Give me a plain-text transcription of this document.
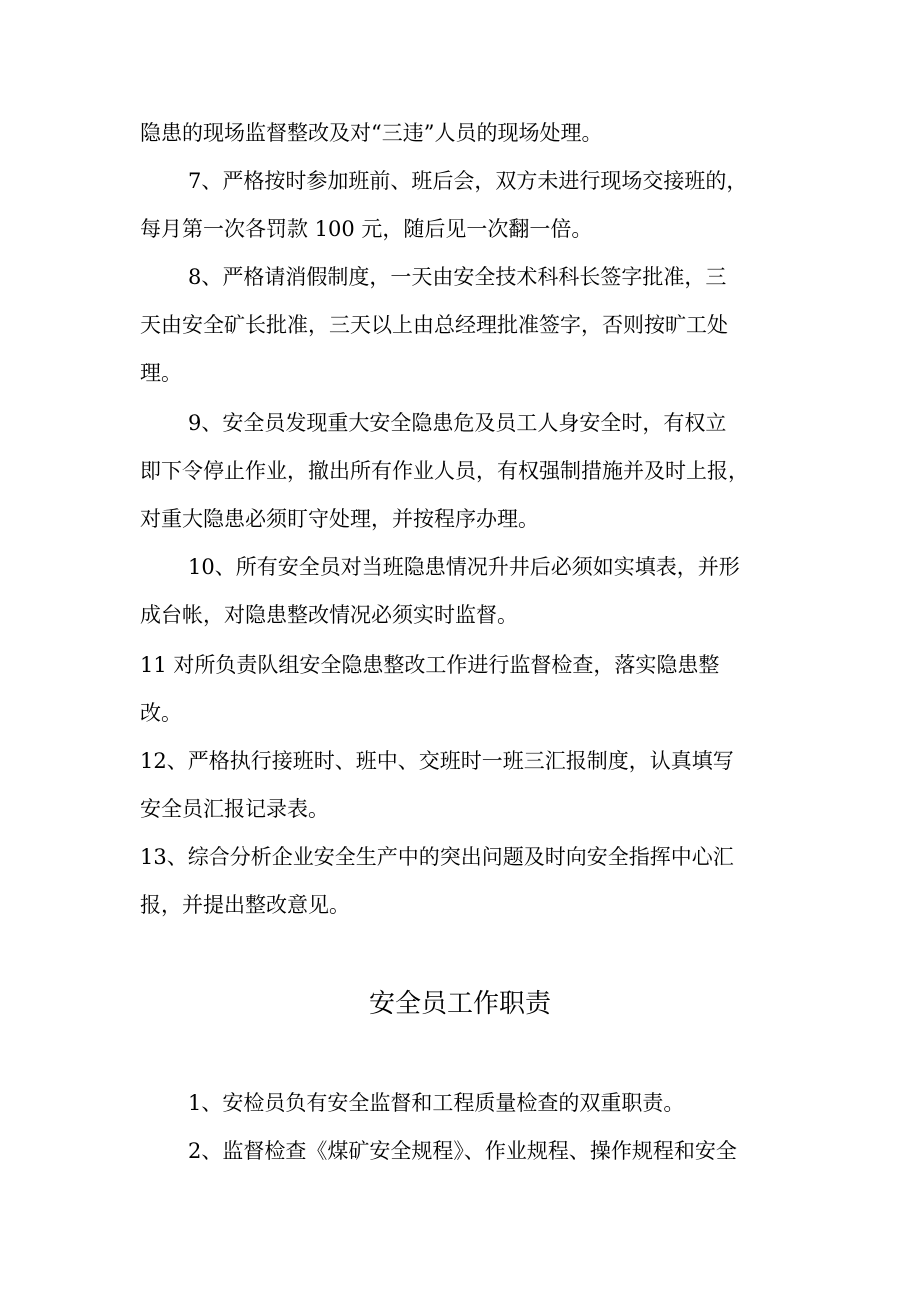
隐患的现场监督整改及对“三违”人员的现场处理。
7、严格按时参加班前、班后会，双方未进行现场交接班的，
每月第一次各罚款 100 元，随后见一次翻一倍。
8、严格请消假制度，一天由安全技术科科长签字批准，三
天由安全矿长批准，三天以上由总经理批准签字，否则按旷工处
理。
9、安全员发现重大安全隐患危及员工人身安全时，有权立
即下令停止作业，撤出所有作业人员，有权强制措施并及时上报，
对重大隐患必须盯守处理，并按程序办理。
10、所有安全员对当班隐患情况升井后必须如实填表，并形
成台帐，对隐患整改情况必须实时监督。
11 对所负责队组安全隐患整改工作进行监督检查，落实隐患整
改。
12、严格执行接班时、班中、交班时一班三汇报制度，认真填写
安全员汇报记录表。
13、综合分析企业安全生产中的突出问题及时向安全指挥中心汇
报，并提出整改意见。
安全员工作职责
1、安检员负有安全监督和工程质量检查的双重职责。
2、监督检查《煤矿安全规程》、作业规程、操作规程和安全
